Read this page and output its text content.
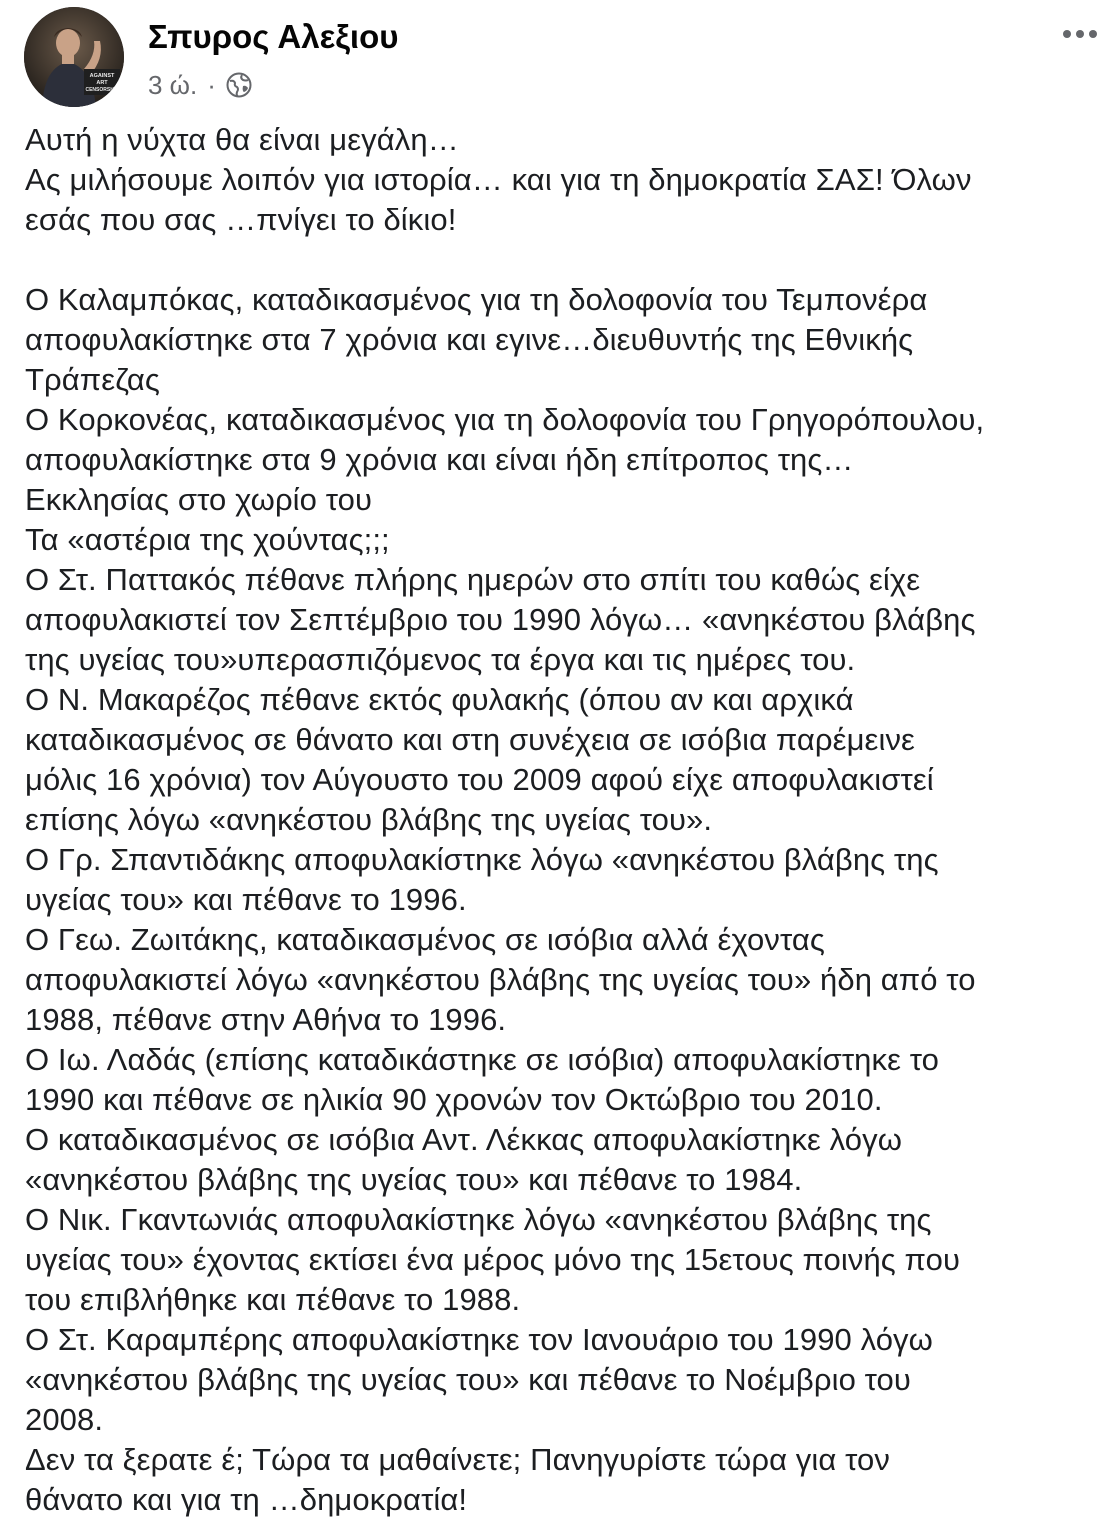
AGAINST
ART
CENSORSHIP
Σπυρος Αλεξιου
3 ώ. ·
Αυτή η νύχτα θα είναι μεγάλη…
Ας μιλήσουμε λοιπόν για ιστορία… και για τη δημοκρατία ΣΑΣ! Όλων
εσάς που σας …πνίγει το δίκιο!
Ο Καλαμπόκας, καταδικασμένος για τη δολοφονία του Τεμπονέρα
αποφυλακίστηκε στα 7 χρόνια και εγινε…διευθυντής της Εθνικής
Τράπεζας
Ο Κορκονέας, καταδικασμένος για τη δολοφονία του Γρηγορόπουλου,
αποφυλακίστηκε στα 9 χρόνια και είναι ήδη επίτροπος της…
Εκκλησίας στο χωρίο του
Τα «αστέρια της χούντας;;;
Ο Στ. Παττακός πέθανε πλήρης ημερών στο σπίτι του καθώς είχε
αποφυλακιστεί τον Σεπτέμβριο του 1990 λόγω… «ανηκέστου βλάβης
της υγείας του»υπερασπιζόμενος τα έργα και τις ημέρες του.
Ο Ν. Μακαρέζος πέθανε εκτός φυλακής (όπου αν και αρχικά
καταδικασμένος σε θάνατο και στη συνέχεια σε ισόβια παρέμεινε
μόλις 16 χρόνια) τον Αύγουστο του 2009 αφού είχε αποφυλακιστεί
επίσης λόγω «ανηκέστου βλάβης της υγείας του».
Ο Γρ. Σπαντιδάκης αποφυλακίστηκε λόγω «ανηκέστου βλάβης της
υγείας του» και πέθανε το 1996.
Ο Γεω. Ζωιτάκης, καταδικασμένος σε ισόβια αλλά έχοντας
αποφυλακιστεί λόγω «ανηκέστου βλάβης της υγείας του» ήδη από το
1988, πέθανε στην Αθήνα το 1996.
Ο Ιω. Λαδάς (επίσης καταδικάστηκε σε ισόβια) αποφυλακίστηκε το
1990 και πέθανε σε ηλικία 90 χρονών τον Οκτώβριο του 2010.
Ο καταδικασμένος σε ισόβια Αντ. Λέκκας αποφυλακίστηκε λόγω
«ανηκέστου βλάβης της υγείας του» και πέθανε το 1984.
Ο Νικ. Γκαντωνιάς αποφυλακίστηκε λόγω «ανηκέστου βλάβης της
υγείας του» έχοντας εκτίσει ένα μέρος μόνο της 15ετους ποινής που
του επιβλήθηκε και πέθανε το 1988.
Ο Στ. Καραμπέρης αποφυλακίστηκε τον Ιανουάριο του 1990 λόγω
«ανηκέστου βλάβης της υγείας του» και πέθανε το Νοέμβριο του
2008.
Δεν τα ξερατε έ; Τώρα τα μαθαίνετε; Πανηγυρίστε τώρα για τον
θάνατο και για τη …δημοκρατία!
